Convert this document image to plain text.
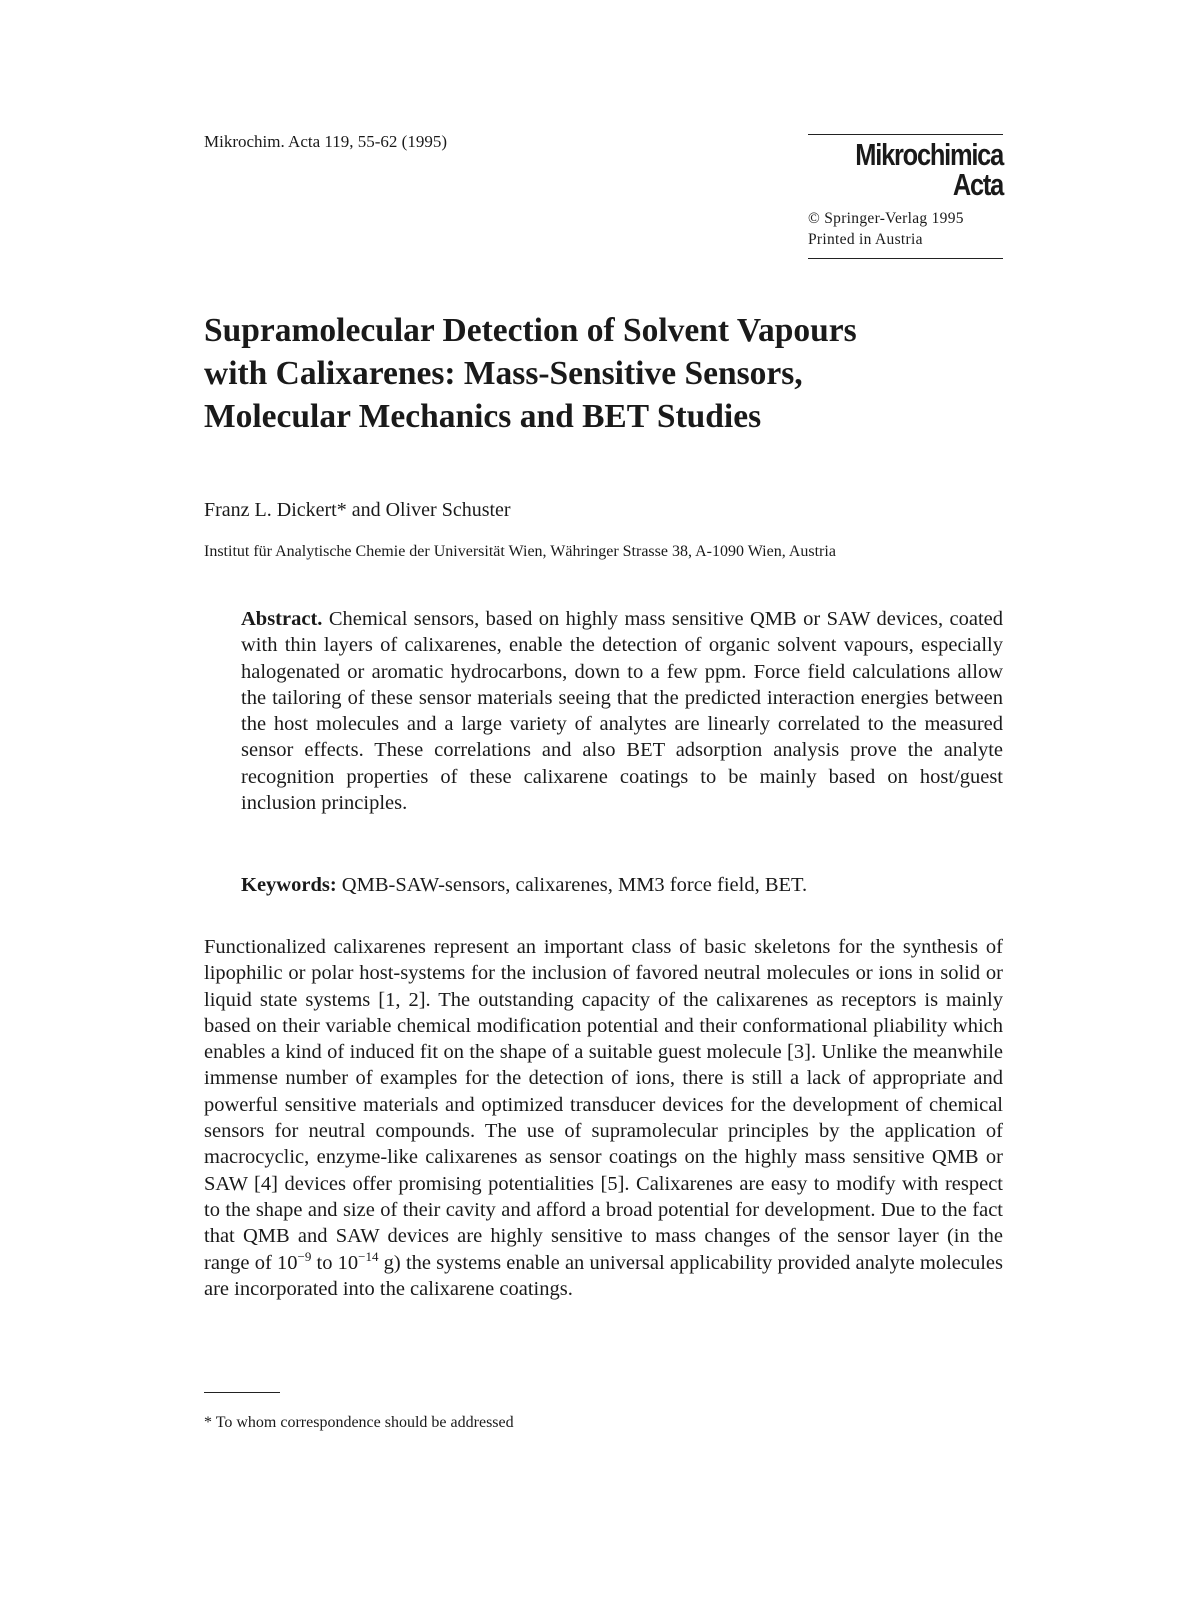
Mikrochim. Acta 119, 55-62 (1995)	Mikrochimica
Acta
© Springer-Verlag 1995
Printed in Austria
Supramolecular Detection of Solvent Vapours
with Calixarenes: Mass-Sensitive Sensors,
Molecular Mechanics and BET Studies
Franz L. Dickert* and Oliver Schuster
Institut für Analytische Chemie der Universität Wien, Währinger Strasse 38, A-1090 Wien, Austria
Abstract. Chemical sensors, based on highly mass sensitive QMB or SAW devices, coated with thin layers of calixarenes, enable the detection of organic solvent vapours, especially halogenated or aromatic hydrocarbons, down to a few ppm. Force field calculations allow the tailoring of these sensor materials seeing that the predicted interaction energies between the host molecules and a large variety of analytes are linearly correlated to the measured sensor effects. These correlations and also BET adsorption analysis prove the analyte recognition properties of these calixarene coatings to be mainly based on host/guest inclusion principles.
Keywords: QMB-SAW-sensors, calixarenes, MM3 force field, BET.
Functionalized calixarenes represent an important class of basic skeletons for the synthesis of lipophilic or polar host-systems for the inclusion of favored neutral molecules or ions in solid or liquid state systems [1, 2]. The outstanding capacity of the calixarenes as receptors is mainly based on their variable chemical modification potential and their conformational pliability which enables a kind of induced fit on the shape of a suitable guest molecule [3]. Unlike the meanwhile immense number of examples for the detection of ions, there is still a lack of appropriate and powerful sensitive materials and optimized transducer devices for the development of chemical sensors for neutral compounds. The use of supramolecular principles by the application of macrocyclic, enzyme-like calixarenes as sensor coatings on the highly mass sensitive QMB or SAW [4] devices offer promising potentialities [5]. Calixarenes are easy to modify with respect to the shape and size of their cavity and afford a broad potential for development. Due to the fact that QMB and SAW devices are highly sensitive to mass changes of the sensor layer (in the range of $10^{-9}$ to $10^{-14}$ g) the systems enable an universal applicability provided analyte molecules are incorporated into the calixarene coatings.
* To whom correspondence should be addressed
